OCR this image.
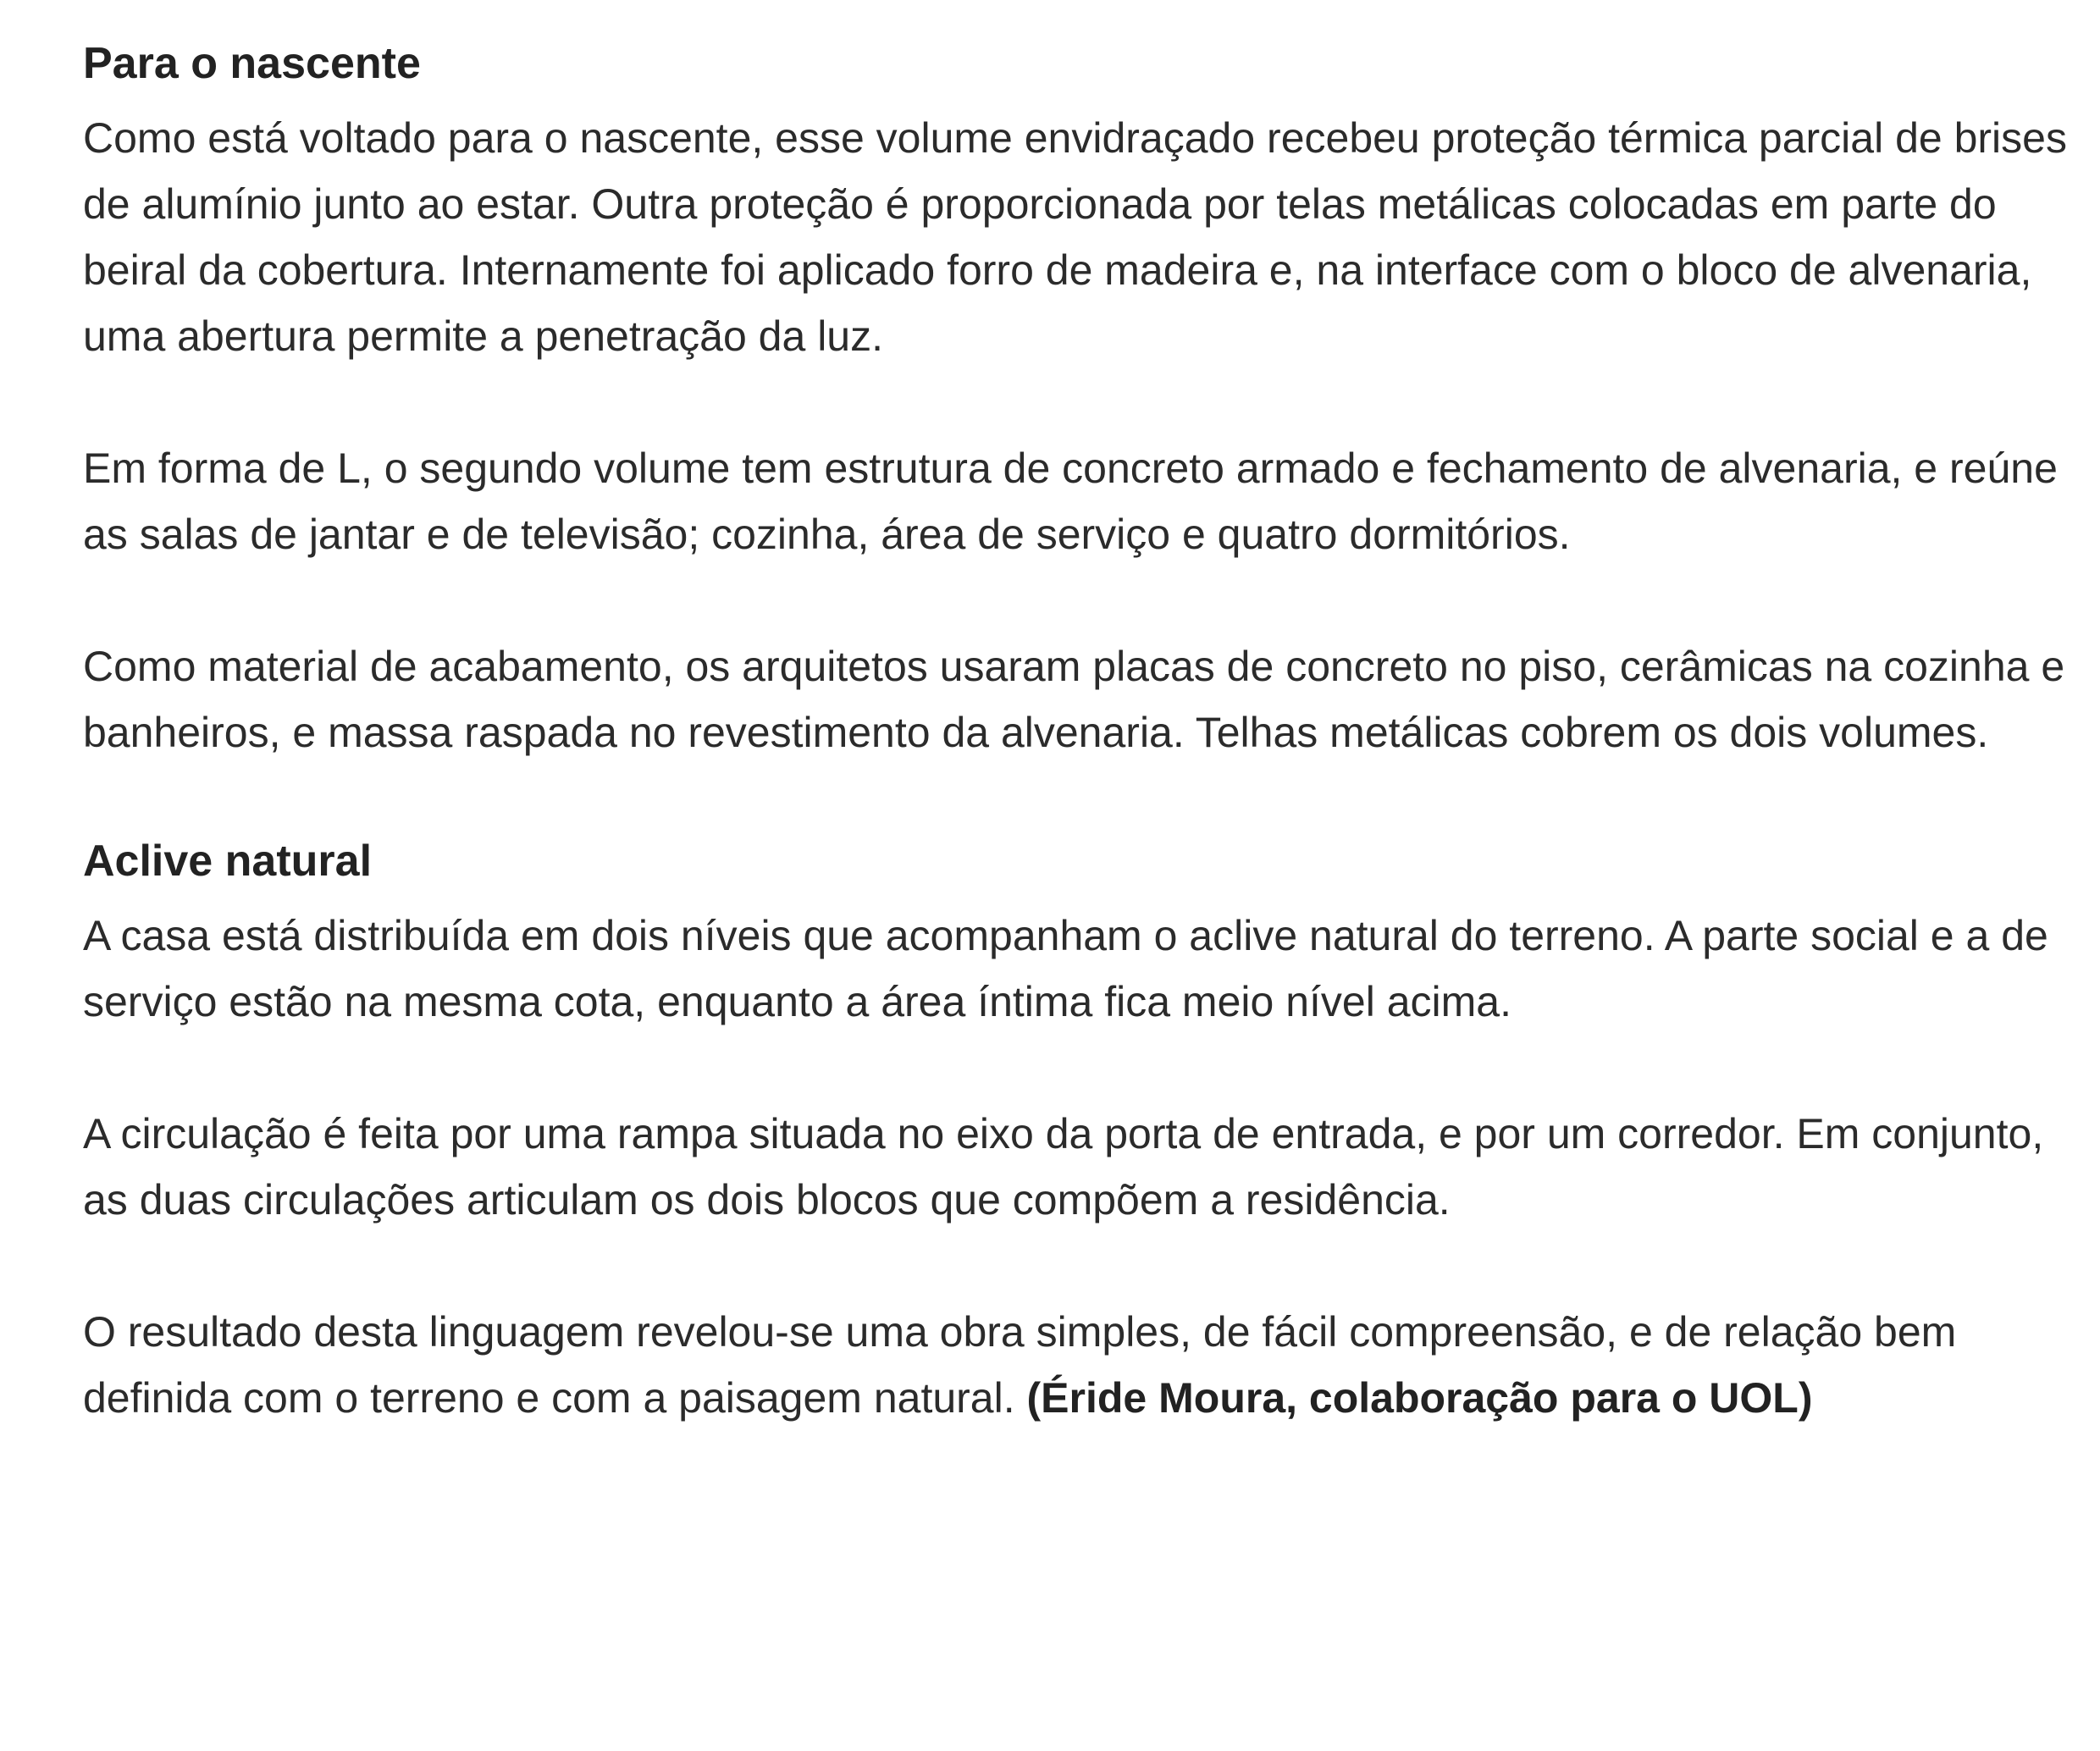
Para o nascente

Como está voltado para o nascente, esse volume envidraçado recebeu proteção térmica parcial de brises de alumínio junto ao estar. Outra proteção é proporcionada por telas metálicas colocadas em parte do beiral da cobertura. Internamente foi aplicado forro de madeira e, na interface com o bloco de alvenaria, uma abertura permite a penetração da luz.

Em forma de L, o segundo volume tem estrutura de concreto armado e fechamento de alvenaria, e reúne as salas de jantar e de televisão; cozinha, área de serviço e quatro dormitórios.

Como material de acabamento, os arquitetos usaram placas de concreto no piso, cerâmicas na cozinha e banheiros, e massa raspada no revestimento da alvenaria. Telhas metálicas cobrem os dois volumes.

Aclive natural

A casa está distribuída em dois níveis que acompanham o aclive natural do terreno. A parte social e a de serviço estão na mesma cota, enquanto a área íntima fica meio nível acima.

A circulação é feita por uma rampa situada no eixo da porta de entrada, e por um corredor. Em conjunto, as duas circulações articulam os dois blocos que compõem a residência.

O resultado desta linguagem revelou-se uma obra simples, de fácil compreensão, e de relação bem definida com o terreno e com a paisagem natural. (Éride Moura, colaboração para o UOL)
